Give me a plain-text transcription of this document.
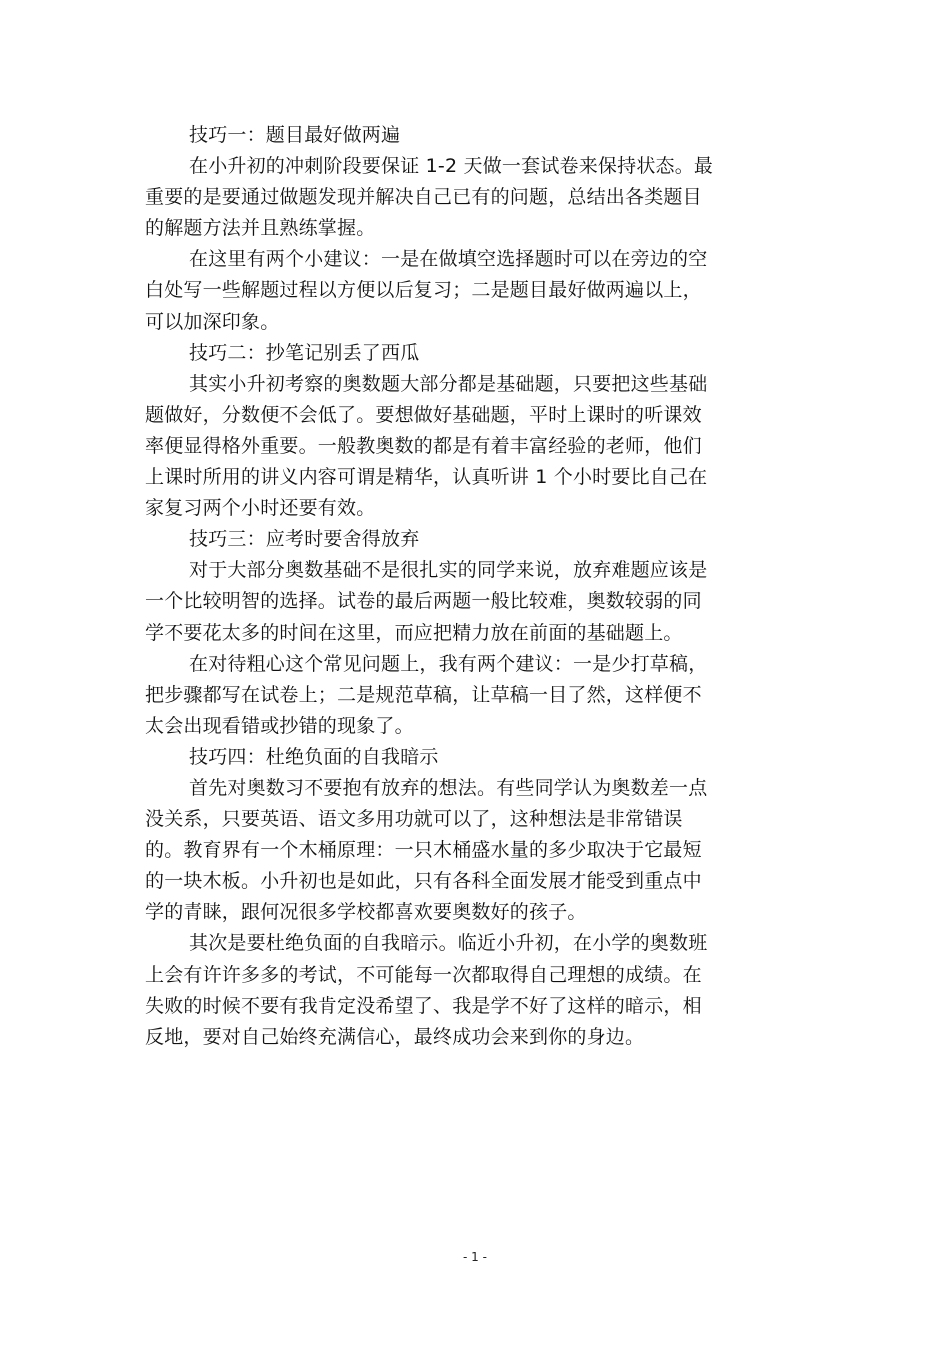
技巧一：题目最好做两遍
在小升初的冲刺阶段要保证 1-2 天做一套试卷来保持状态。最
重要的是要通过做题发现并解决自己已有的问题，总结出各类题目
的解题方法并且熟练掌握。
在这里有两个小建议：一是在做填空选择题时可以在旁边的空
白处写一些解题过程以方便以后复习；二是题目最好做两遍以上，
可以加深印象。
技巧二：抄笔记别丢了西瓜
其实小升初考察的奥数题大部分都是基础题，只要把这些基础
题做好，分数便不会低了。要想做好基础题，平时上课时的听课效
率便显得格外重要。一般教奥数的都是有着丰富经验的老师，他们
上课时所用的讲义内容可谓是精华，认真听讲 1 个小时要比自己在
家复习两个小时还要有效。
技巧三：应考时要舍得放弃
对于大部分奥数基础不是很扎实的同学来说，放弃难题应该是
一个比较明智的选择。试卷的最后两题一般比较难，奥数较弱的同
学不要花太多的时间在这里，而应把精力放在前面的基础题上。
在对待粗心这个常见问题上，我有两个建议：一是少打草稿，
把步骤都写在试卷上；二是规范草稿，让草稿一目了然，这样便不
太会出现看错或抄错的现象了。
技巧四：杜绝负面的自我暗示
首先对奥数习不要抱有放弃的想法。有些同学认为奥数差一点
没关系，只要英语、语文多用功就可以了，这种想法是非常错误
的。教育界有一个木桶原理：一只木桶盛水量的多少取决于它最短
的一块木板。小升初也是如此，只有各科全面发展才能受到重点中
学的青睐，跟何况很多学校都喜欢要奥数好的孩子。
其次是要杜绝负面的自我暗示。临近小升初，在小学的奥数班
上会有许许多多的考试，不可能每一次都取得自己理想的成绩。在
失败的时候不要有我肯定没希望了、我是学不好了这样的暗示，相
反地，要对自己始终充满信心，最终成功会来到你的身边。
- 1 -
